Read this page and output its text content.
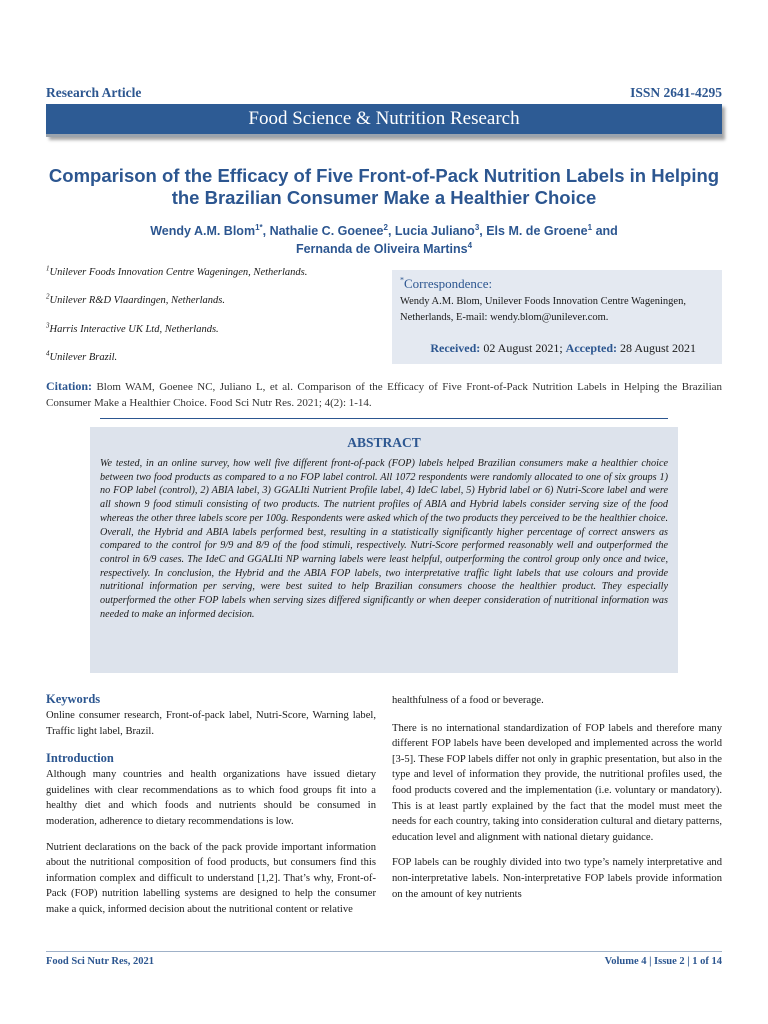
Research Article	ISSN 2641-4295
Food Science & Nutrition Research
Comparison of the Efficacy of Five Front-of-Pack Nutrition Labels in Helping the Brazilian Consumer Make a Healthier Choice
Wendy A.M. Blom$^{1*}$, Nathalie C. Goenee$^2$, Lucia Juliano$^3$, Els M. de Groene$^1$ and
Fernanda de Oliveira Martins$^4$
$^1$Unilever Foods Innovation Centre Wageningen, Netherlands.
$^2$Unilever R&D Vlaardingen, Netherlands.
$^3$Harris Interactive UK Ltd, Netherlands.
$^4$Unilever Brazil.
*Correspondence:
Wendy A.M. Blom, Unilever Foods Innovation Centre Wageningen, Netherlands, E-mail: wendy.blom@unilever.com.
Received: 02 August 2021; Accepted: 28 August 2021
Citation: Blom WAM, Goenee NC, Juliano L, et al. Comparison of the Efficacy of Five Front-of-Pack Nutrition Labels in Helping the Brazilian Consumer Make a Healthier Choice. Food Sci Nutr Res. 2021; 4(2): 1-14.
ABSTRACT
We tested, in an online survey, how well five different front-of-pack (FOP) labels helped Brazilian consumers make a healthier choice between two food products as compared to a no FOP label control. All 1072 respondents were randomly allocated to one of six groups 1) no FOP label (control), 2) ABIA label, 3) GGALIti Nutrient Profile label, 4) IdeC label, 5) Hybrid label or 6) Nutri-Score label and were all shown 9 food stimuli consisting of two products. The nutrient profiles of ABIA and Hybrid labels consider serving size of the food whereas the other three labels score per 100g. Respondents were asked which of the two products they perceived to be the healthier choice. Overall, the Hybrid and ABIA labels performed best, resulting in a statistically significantly higher percentage of correct answers as compared to the control for 9/9 and 8/9 of the food stimuli, respectively. Nutri-Score performed reasonably well and outperformed the control in 6/9 cases. The IdeC and GGALIti NP warning labels were least helpful, outperforming the control group only once and twice, respectively. In conclusion, the Hybrid and the ABIA FOP labels, two interpretative traffic light labels that use colours and provide nutritional information per serving, were best suited to help Brazilian consumers choose the healthier product. They especially outperformed the other FOP labels when serving sizes differed significantly or when deeper consideration of nutritional information was needed to make an informed decision.
Keywords
Online consumer research, Front-of-pack label, Nutri-Score, Warning label, Traffic light label, Brazil.
Introduction
Although many countries and health organizations have issued dietary guidelines with clear recommendations as to which food groups fit into a healthy diet and which foods and nutrients should be consumed in moderation, adherence to dietary recommendations is low.
Nutrient declarations on the back of the pack provide important information about the nutritional composition of food products, but consumers find this information complex and difficult to understand [1,2]. That’s why, Front-of-Pack (FOP) nutrition labelling systems are designed to help the consumer make a quick, informed decision about the nutritional content or relative
healthfulness of a food or beverage.
There is no international standardization of FOP labels and therefore many different FOP labels have been developed and implemented across the world [3-5]. These FOP labels differ not only in graphic presentation, but also in the type and level of information they provide, the nutritional profiles used, the food products covered and the implementation (i.e. voluntary or mandatory). This is at least partly explained by the fact that the model must meet the needs for each country, taking into consideration cultural and dietary patterns, education level and alignment with national dietary guidance.
FOP labels can be roughly divided into two type’s namely interpretative and non-interpretative labels. Non-interpretative FOP labels provide information on the amount of key nutrients
Food Sci Nutr Res, 2021	Volume 4 | Issue 2 | 1 of 14
